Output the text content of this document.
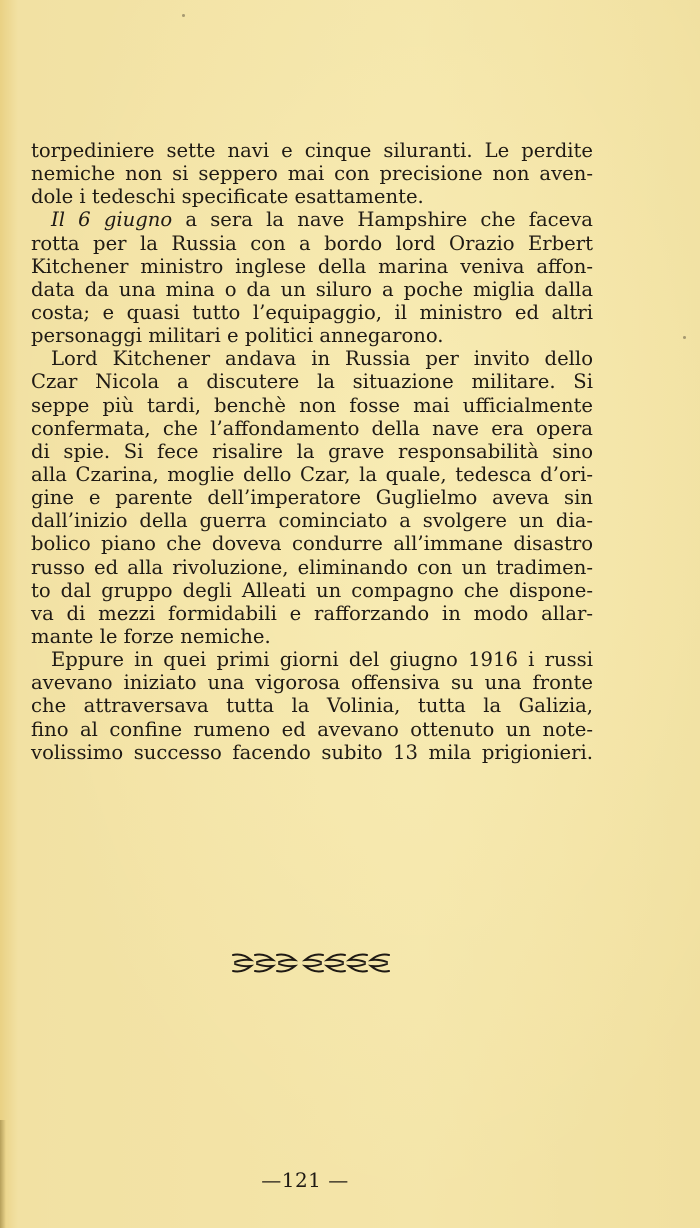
torpediniere sette navi e cinque siluranti. Le perdite
nemiche non si seppero mai con precisione non aven-
dole i tedeschi specificate esattamente.
Il 6 giugno a sera la nave Hampshire che faceva
rotta per la Russia con a bordo lord Orazio Erbert
Kitchener ministro inglese della marina veniva affon-
data da una mina o da un siluro a poche miglia dalla
costa; e quasi tutto l’equipaggio, il ministro ed altri
personaggi militari e politici annegarono.
Lord Kitchener andava in Russia per invito dello
Czar Nicola a discutere la situazione militare. Si
seppe più tardi, benchè non fosse mai ufficialmente
confermata, che l’affondamento della nave era opera
di spie. Si fece risalire la grave responsabilità sino
alla Czarina, moglie dello Czar, la quale, tedesca d’ori-
gine e parente dell’imperatore Guglielmo aveva sin
dall’inizio della guerra cominciato a svolgere un dia-
bolico piano che doveva condurre all’immane disastro
russo ed alla rivoluzione, eliminando con un tradimen-
to dal gruppo degli Alleati un compagno che dispone-
va di mezzi formidabili e rafforzando in modo allar-
mante le forze nemiche.
Eppure in quei primi giorni del giugno 1916 i russi
avevano iniziato una vigorosa offensiva su una fronte
che attraversava tutta la Volinia, tutta la Galizia,
fino al confine rumeno ed avevano ottenuto un note-
volissimo successo facendo subito 13 mila prigionieri.
—121 —
